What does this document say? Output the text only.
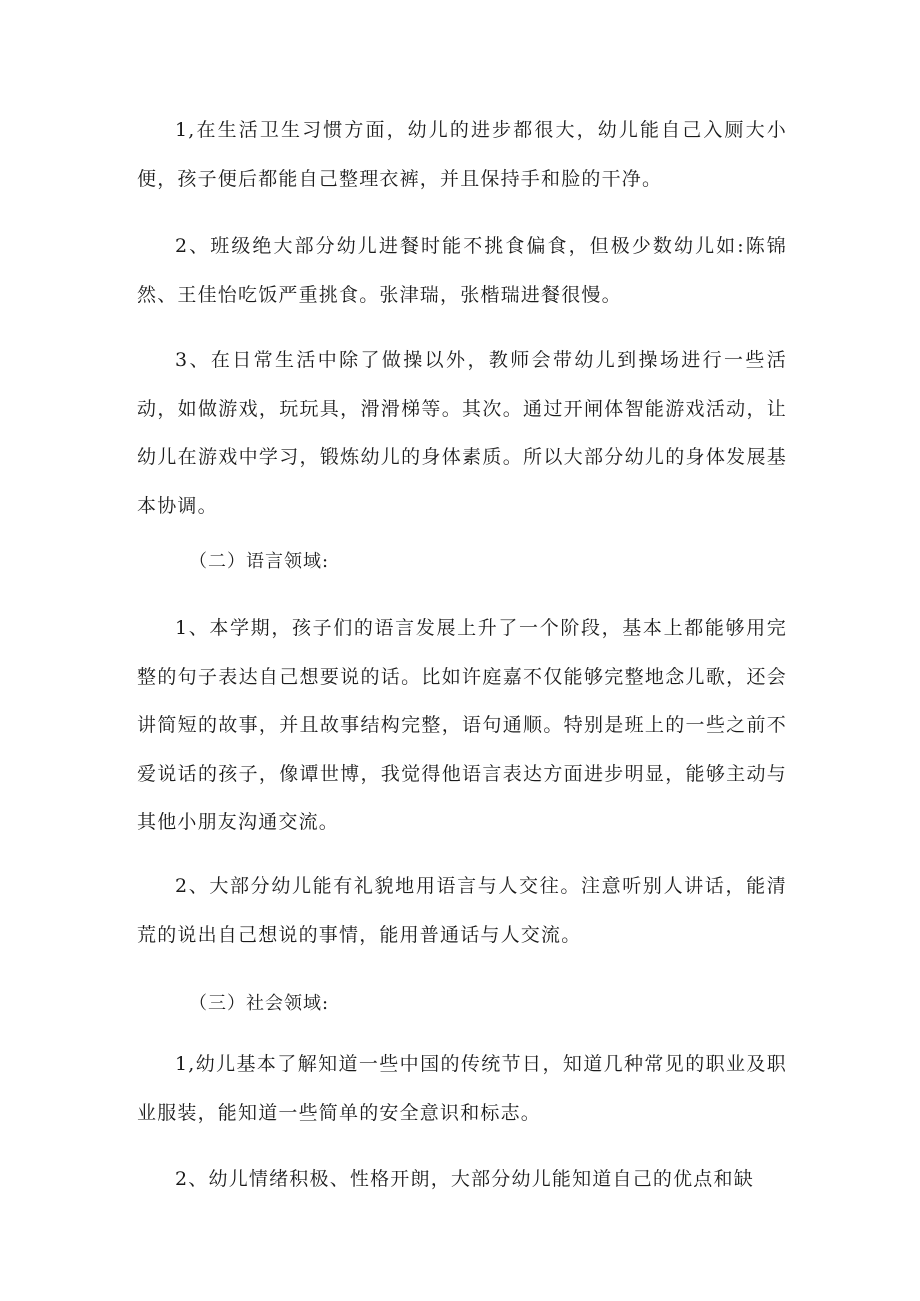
1,在生活卫生习惯方面，幼儿的进步都很大，幼儿能自己入厕大小便，孩子便后都能自己整理衣裤，并且保持手和脸的干净。

2、班级绝大部分幼儿进餐时能不挑食偏食，但极少数幼儿如:陈锦然、王佳怡吃饭严重挑食。张津瑞，张楷瑞进餐很慢。

3、在日常生活中除了做操以外，教师会带幼儿到操场进行一些活动，如做游戏，玩玩具，滑滑梯等。其次。通过开闸体智能游戏活动，让幼儿在游戏中学习，锻炼幼儿的身体素质。所以大部分幼儿的身体发展基本协调。

（二）语言领域:

1、本学期，孩子们的语言发展上升了一个阶段，基本上都能够用完整的句子表达自己想要说的话。比如许庭嘉不仅能够完整地念儿歌，还会讲简短的故事，并且故事结构完整，语句通顺。特别是班上的一些之前不爱说话的孩子，像谭世博，我觉得他语言表达方面进步明显，能够主动与其他小朋友沟通交流。

2、大部分幼儿能有礼貌地用语言与人交往。注意听别人讲话，能清荒的说出自己想说的事情，能用普通话与人交流。

（三）社会领域:

1,幼儿基本了解知道一些中国的传统节日，知道几种常见的职业及职业服装，能知道一些简单的安全意识和标志。

2、幼儿情绪积极、性格开朗，大部分幼儿能知道自己的优点和缺
